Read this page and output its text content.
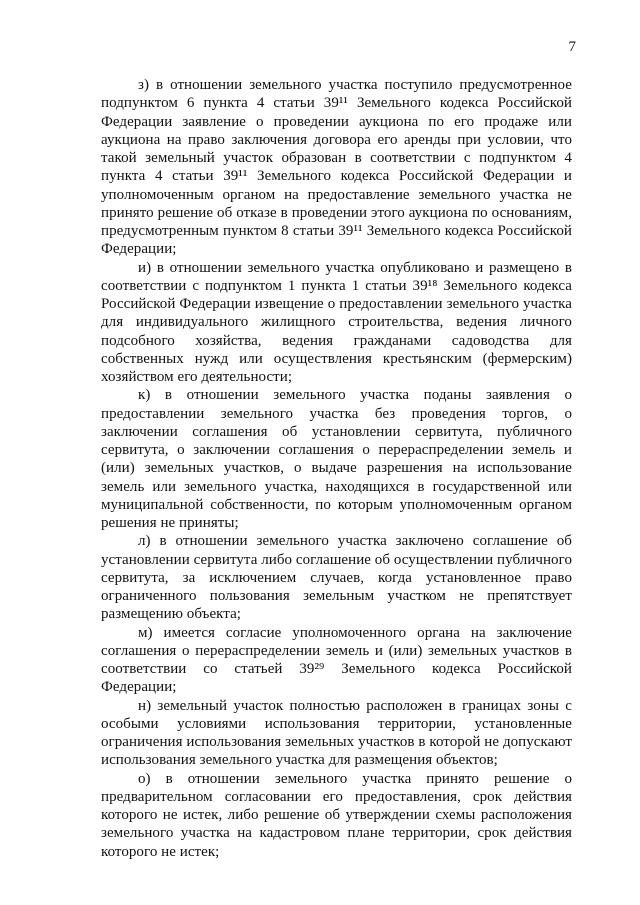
7

з) в отношении земельного участка поступило предусмотренное подпунктом 6 пункта 4 статьи 39¹¹ Земельного кодекса Российской Федерации заявление о проведении аукциона по его продаже или аукциона на право заключения договора его аренды при условии, что такой земельный участок образован в соответствии с подпунктом 4 пункта 4 статьи 39¹¹ Земельного кодекса Российской Федерации и уполномоченным органом на предоставление земельного участка не принято решение об отказе в проведении этого аукциона по основаниям, предусмотренным пунктом 8 статьи 39¹¹ Земельного кодекса Российской Федерации;

и) в отношении земельного участка опубликовано и размещено в соответствии с подпунктом 1 пункта 1 статьи 39¹⁸ Земельного кодекса Российской Федерации извещение о предоставлении земельного участка для индивидуального жилищного строительства, ведения личного подсобного хозяйства, ведения гражданами садоводства для собственных нужд или осуществления крестьянским (фермерским) хозяйством его деятельности;

к) в отношении земельного участка поданы заявления о предоставлении земельного участка без проведения торгов, о заключении соглашения об установлении сервитута, публичного сервитута, о заключении соглашения о перераспределении земель и (или) земельных участков, о выдаче разрешения на использование земель или земельного участка, находящихся в государственной или муниципальной собственности, по которым уполномоченным органом решения не приняты;

л) в отношении земельного участка заключено соглашение об установлении сервитута либо соглашение об осуществлении публичного сервитута, за исключением случаев, когда установленное право ограниченного пользования земельным участком не препятствует размещению объекта;

м) имеется согласие уполномоченного органа на заключение соглашения о перераспределении земель и (или) земельных участков в соответствии со статьей 39²⁹ Земельного кодекса Российской Федерации;

н) земельный участок полностью расположен в границах зоны с особыми условиями использования территории, установленные ограничения использования земельных участков в которой не допускают использования земельного участка для размещения объектов;

о) в отношении земельного участка принято решение о предварительном согласовании его предоставления, срок действия которого не истек, либо решение об утверждении схемы расположения земельного участка на кадастровом плане территории, срок действия которого не истек;
